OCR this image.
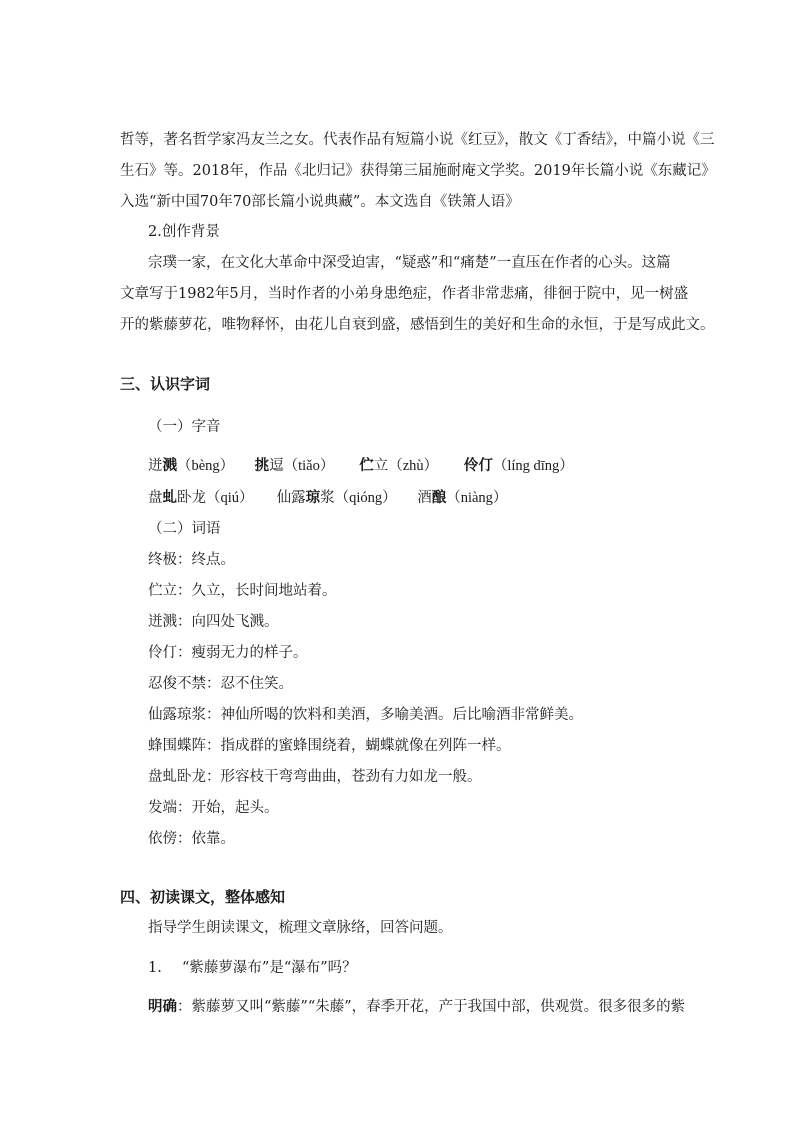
哲等，著名哲学家冯友兰之女。代表作品有短篇小说《红豆》，散文《丁香结》，中篇小说《三
生石》等。2018年，作品《北归记》获得第三届施耐庵文学奖。2019年长篇小说《东藏记》
入选“新中国70年70部长篇小说典藏”。本文选自《铁箫人语》
2.创作背景
宗璞一家，在文化大革命中深受迫害，“疑惑”和“痛楚”一直压在作者的心头。这篇
文章写于1982年5月，当时作者的小弟身患绝症，作者非常悲痛，徘徊于院中，见一树盛
开的紫藤萝花，唯物释怀，由花儿自衰到盛，感悟到生的美好和生命的永恒，于是写成此文。
三、认识字词
（一）字音
迸溅（bèng） 挑逗（tiǎo） 伫立（zhù） 伶仃（líng dīng）
盘虬卧龙（qiú） 仙露琼浆（qióng） 酒酿（niàng）
（二）词语
终极：终点。
伫立：久立，长时间地站着。
迸溅：向四处飞溅。
伶仃：瘦弱无力的样子。
忍俊不禁：忍不住笑。
仙露琼浆：神仙所喝的饮料和美酒，多喻美酒。后比喻酒非常鲜美。
蜂围蝶阵：指成群的蜜蜂围绕着，蝴蝶就像在列阵一样。
盘虬卧龙：形容枝干弯弯曲曲，苍劲有力如龙一般。
发端：开始，起头。
依傍：依靠。
四、初读课文，整体感知
指导学生朗读课文，梳理文章脉络，回答问题。
1. “紫藤萝瀑布”是“瀑布”吗？
明确：紫藤萝又叫“紫藤”“朱藤”，春季开花，产于我国中部，供观赏。很多很多的紫
